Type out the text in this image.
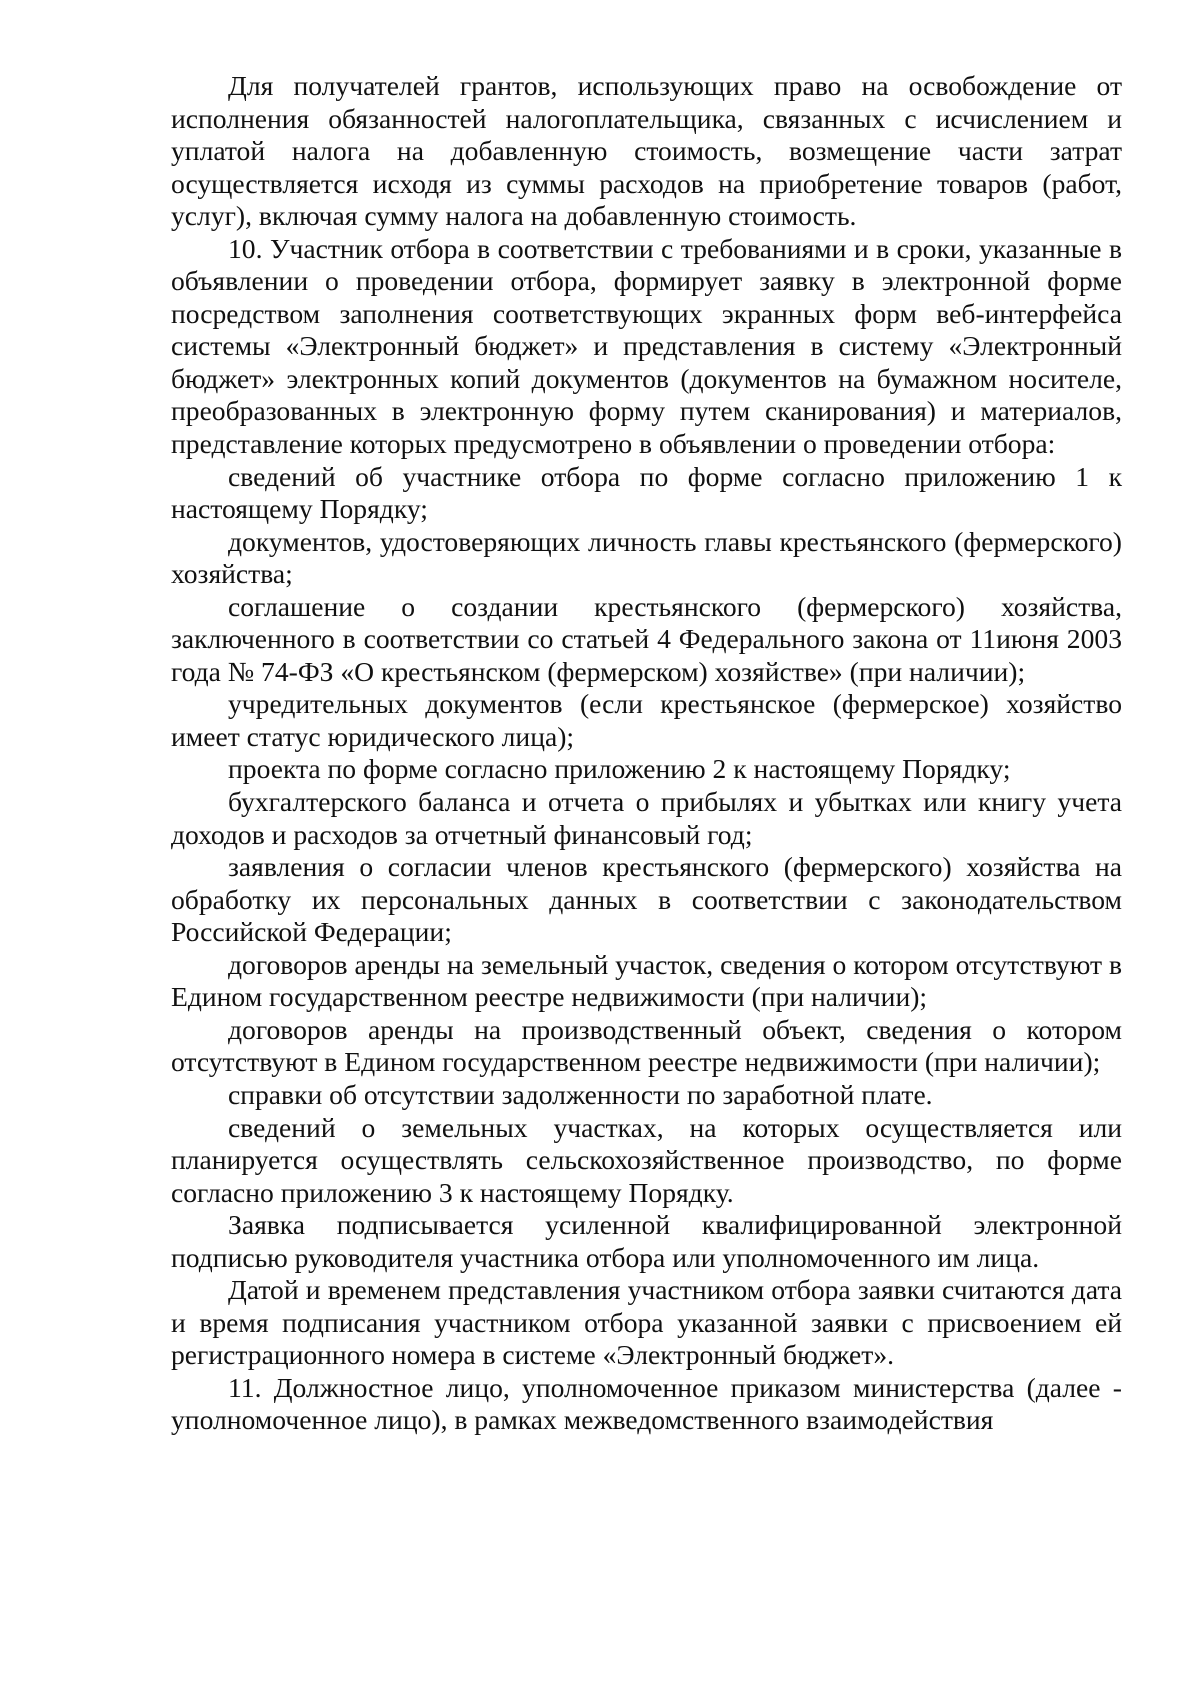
Для получателей грантов, использующих право на освобождение от исполнения обязанностей налогоплательщика, связанных с исчислением и уплатой налога на добавленную стоимость, возмещение части затрат осуществляется исходя из суммы расходов на приобретение товаров (работ, услуг), включая сумму налога на добавленную стоимость.

10. Участник отбора в соответствии с требованиями и в сроки, указанные в объявлении о проведении отбора, формирует заявку в электронной форме посредством заполнения соответствующих экранных форм веб-интерфейса системы «Электронный бюджет» и представления в систему «Электронный бюджет» электронных копий документов (документов на бумажном носителе, преобразованных в электронную форму путем сканирования) и материалов, представление которых предусмотрено в объявлении о проведении отбора:

сведений об участнике отбора по форме согласно приложению 1 к настоящему Порядку;

документов, удостоверяющих личность главы крестьянского (фермерского) хозяйства;

соглашение о создании крестьянского (фермерского) хозяйства, заключенного в соответствии со статьей 4 Федерального закона от 11июня 2003 года № 74-ФЗ «О крестьянском (фермерском) хозяйстве» (при наличии);

учредительных документов (если крестьянское (фермерское) хозяйство имеет статус юридического лица);

проекта по форме согласно приложению 2 к настоящему Порядку;

бухгалтерского баланса и отчета о прибылях и убытках или книгу учета доходов и расходов за отчетный финансовый год;

заявления о согласии членов крестьянского (фермерского) хозяйства на обработку их персональных данных в соответствии с законодательством Российской Федерации;

договоров аренды на земельный участок, сведения о котором отсутствуют в Едином государственном реестре недвижимости (при наличии);

договоров аренды на производственный объект, сведения о котором отсутствуют в Едином государственном реестре недвижимости (при наличии);

справки об отсутствии задолженности по заработной плате.

сведений о земельных участках, на которых осуществляется или планируется осуществлять сельскохозяйственное производство, по форме согласно приложению 3 к настоящему Порядку.

Заявка подписывается усиленной квалифицированной электронной подписью руководителя участника отбора или уполномоченного им лица.

Датой и временем представления участником отбора заявки считаются дата и время подписания участником отбора указанной заявки с присвоением ей регистрационного номера в системе «Электронный бюджет».

11. Должностное лицо, уполномоченное приказом министерства (далее - уполномоченное лицо), в рамках межведомственного взаимодействия
